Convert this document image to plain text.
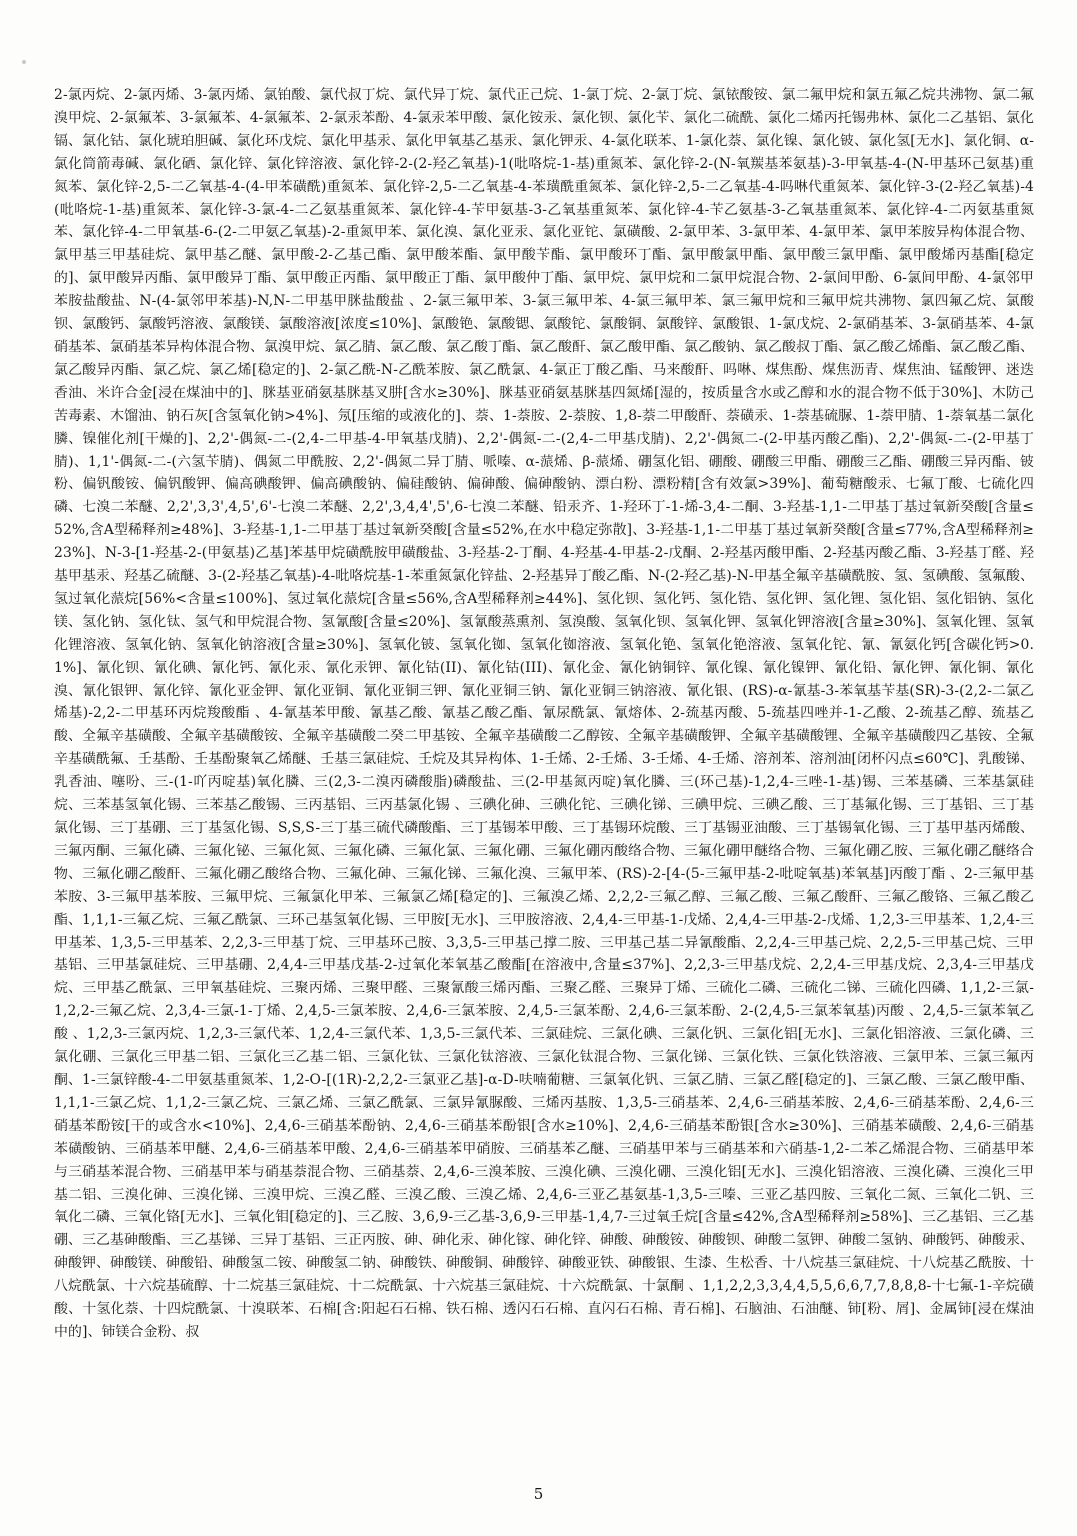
2-氯丙烷、2-氯丙烯、3-氯丙烯、氯铂酸、氯代叔丁烷、氯代异丁烷、氯代正己烷、1-氯丁烷、2-氯丁烷、氯铱酸铵、氯二氟甲烷和氯五氟乙烷共沸物、氯二氟溴甲烷、2-氯氟苯、3-氯氟苯、4-氯氟苯、2-氯汞苯酚、4-氯汞苯甲酸、氯化铵汞、氯化钡、氯化苄、氯化二硫酰、氯化二烯丙托锡弗林、氯化二乙基铝、氯化镉、氯化钴、氯化琥珀胆碱、氯化环戊烷、氯化甲基汞、氯化甲氧基乙基汞、氯化钾汞、4-氯化联苯、1-氯化萘、氯化镍、氯化铍、氯化氢[无水]、氯化铜、α-氯化筒箭毒碱、氯化硒、氯化锌、氯化锌溶液、氯化锌-2-(2-羟乙氧基)-1(吡咯烷-1-基)重氮苯、氯化锌-2-(N-氧羰基苯氨基)-3-甲氧基-4-(N-甲基环己氨基)重氮苯、氯化锌-2,5-二乙氧基-4-(4-甲苯磺酰)重氮苯、氯化锌-2,5-二乙氧基-4-苯璜酰重氮苯、氯化锌-2,5-二乙氧基-4-吗啉代重氮苯、氯化锌-3-(2-羟乙氧基)-4(吡咯烷-1-基)重氮苯、氯化锌-3-氯-4-二乙氨基重氮苯、氯化锌-4-苄甲氨基-3-乙氧基重氮苯、氯化锌-4-苄乙氨基-3-乙氧基重氮苯、氯化锌-4-二丙氨基重氮苯、氯化锌-4-二甲氧基-6-(2-二甲氨乙氧基)-2-重氮甲苯、氯化溴、氯化亚汞、氯化亚铊、氯磺酸、2-氯甲苯、3-氯甲苯、4-氯甲苯、氯甲苯胺异构体混合物、氯甲基三甲基硅烷、氯甲基乙醚、氯甲酸-2-乙基己酯、氯甲酸苯酯、氯甲酸苄酯、氯甲酸环丁酯、氯甲酸氯甲酯、氯甲酸三氯甲酯、氯甲酸烯丙基酯[稳定的]、氯甲酸异丙酯、氯甲酸异丁酯、氯甲酸正丙酯、氯甲酸正丁酯、氯甲酸仲丁酯、氯甲烷、氯甲烷和二氯甲烷混合物、2-氯间甲酚、6-氯间甲酚、4-氯邻甲苯胺盐酸盐、N-(4-氯邻甲苯基)-N,N-二甲基甲脒盐酸盐 、2-氯三氟甲苯、3-氯三氟甲苯、4-氯三氟甲苯、氯三氟甲烷和三氟甲烷共沸物、氯四氟乙烷、氯酸钡、氯酸钙、氯酸钙溶液、氯酸镁、氯酸溶液[浓度≤10%]、氯酸铯、氯酸锶、氯酸铊、氯酸铜、氯酸锌、氯酸银、1-氯戊烷、2-氯硝基苯、3-氯硝基苯、4-氯硝基苯、氯硝基苯异构体混合物、氯溴甲烷、氯乙腈、氯乙酸、氯乙酸丁酯、氯乙酸酐、氯乙酸甲酯、氯乙酸钠、氯乙酸叔丁酯、氯乙酸乙烯酯、氯乙酸乙酯、氯乙酸异丙酯、氯乙烷、氯乙烯[稳定的]、2-氯乙酰-N-乙酰苯胺、氯乙酰氯、4-氯正丁酸乙酯、马来酸酐、吗啉、煤焦酚、煤焦沥青、煤焦油、锰酸钾、迷迭香油、米许合金[浸在煤油中的]、脒基亚硝氨基脒基叉肼[含水≥30%]、脒基亚硝氨基脒基四氮烯[湿的，按质量含水或乙醇和水的混合物不低于30%]、木防己苦毒素、木馏油、钠石灰[含氢氧化钠>4%]、氖[压缩的或液化的]、萘、1-萘胺、2-萘胺、1,8-萘二甲酸酐、萘磺汞、1-萘基硫脲、1-萘甲腈、1-萘氧基二氯化膦、镍催化剂[干燥的]、2,2'-偶氮-二-(2,4-二甲基-4-甲氧基戊腈)、2,2'-偶氮-二-(2,4-二甲基戊腈)、2,2'-偶氮二-(2-甲基丙酸乙酯)、2,2'-偶氮-二-(2-甲基丁腈)、1,1'-偶氮-二-(六氢苄腈)、偶氮二甲酰胺、2,2'-偶氮二异丁腈、哌嗪、α-蒎烯、β-蒎烯、硼氢化铝、硼酸、硼酸三甲酯、硼酸三乙酯、硼酸三异丙酯、铍粉、偏钒酸铵、偏钒酸钾、偏高碘酸钾、偏高碘酸钠、偏硅酸钠、偏砷酸、偏砷酸钠、漂白粉、漂粉精[含有效氯>39%]、葡萄糖酸汞、七氟丁酸、七硫化四磷、七溴二苯醚、2,2',3,3',4,5',6'-七溴二苯醚、2,2',3,4,4',5',6-七溴二苯醚、铅汞齐、1-羟环丁-1-烯-3,4-二酮、3-羟基-1,1-二甲基丁基过氧新癸酸[含量≤52%,含A型稀释剂≥48%]、3-羟基-1,1-二甲基丁基过氧新癸酸[含量≤52%,在水中稳定弥散]、3-羟基-1,1-二甲基丁基过氧新癸酸[含量≤77%,含A型稀释剂≥23%]、N-3-[1-羟基-2-(甲氨基)乙基]苯基甲烷磺酰胺甲磺酸盐、3-羟基-2-丁酮、4-羟基-4-甲基-2-戊酮、2-羟基丙酸甲酯、2-羟基丙酸乙酯、3-羟基丁醛、羟基甲基汞、羟基乙硫醚、3-(2-羟基乙氧基)-4-吡咯烷基-1-苯重氮氯化锌盐、2-羟基异丁酸乙酯、N-(2-羟乙基)-N-甲基全氟辛基磺酰胺、氢、氢碘酸、氢氟酸、氢过氧化蒎烷[56%<含量≤100%]、氢过氧化蒎烷[含量≤56%,含A型稀释剂≥44%]、氢化钡、氢化钙、氢化锆、氢化钾、氢化锂、氢化铝、氢化铝钠、氢化镁、氢化钠、氢化钛、氢气和甲烷混合物、氢氰酸[含量≤20%]、氢氰酸蒸熏剂、氢溴酸、氢氧化钡、氢氧化钾、氢氧化钾溶液[含量≥30%]、氢氧化锂、氢氧化锂溶液、氢氧化钠、氢氧化钠溶液[含量≥30%]、氢氧化铍、氢氧化铷、氢氧化铷溶液、氢氧化铯、氢氧化铯溶液、氢氧化铊、氰、氰氨化钙[含碳化钙>0.1%]、氰化钡、氰化碘、氰化钙、氰化汞、氰化汞钾、氰化钴(II)、氰化钴(III)、氰化金、氰化钠铜锌、氰化镍、氰化镍钾、氰化铅、氰化钾、氰化铜、氰化溴、氰化银钾、氰化锌、氰化亚金钾、氰化亚铜、氰化亚铜三钾、氰化亚铜三钠、氰化亚铜三钠溶液、氰化银、(RS)-α-氰基-3-苯氧基苄基(SR)-3-(2,2-二氯乙烯基)-2,2-二甲基环丙烷羧酸酯 、4-氰基苯甲酸、氰基乙酸、氰基乙酸乙酯、氰尿酰氯、氰熔体、2-巯基丙酸、5-巯基四唑并-1-乙酸、2-巯基乙醇、巯基乙酸、全氟辛基磺酸、全氟辛基磺酸铵、全氟辛基磺酸二癸二甲基铵、全氟辛基磺酸二乙醇铵、全氟辛基磺酸钾、全氟辛基磺酸锂、全氟辛基磺酸四乙基铵、全氟辛基磺酰氟、壬基酚、壬基酚聚氧乙烯醚、壬基三氯硅烷、壬烷及其异构体、1-壬烯、2-壬烯、3-壬烯、4-壬烯、溶剂苯、溶剂油[闭杯闪点≤60℃]、乳酸锑、乳香油、噻吩、三-(1-吖丙啶基)氧化膦、三(2,3-二溴丙磷酸脂)磷酸盐、三(2-甲基氮丙啶)氧化膦、三(环己基)-1,2,4-三唑-1-基)锡、三苯基磷、三苯基氯硅烷、三苯基氢氧化锡、三苯基乙酸锡、三丙基铝、三丙基氯化锡 、三碘化砷、三碘化铊、三碘化锑、三碘甲烷、三碘乙酸、三丁基氟化锡、三丁基铝、三丁基氯化锡、三丁基硼、三丁基氢化锡、S,S,S-三丁基三硫代磷酸酯、三丁基锡苯甲酸、三丁基锡环烷酸、三丁基锡亚油酸、三丁基锡氧化锡、三丁基甲基丙烯酸、三氟丙酮、三氟化磷、三氟化铋、三氟化氮、三氟化磷、三氟化氯、三氟化硼、三氟化硼丙酸络合物、三氟化硼甲醚络合物、三氟化硼乙胺、三氟化硼乙醚络合物、三氟化硼乙酸酐、三氟化硼乙酸络合物、三氟化砷、三氟化锑、三氟化溴、三氟甲苯、(RS)-2-[4-(5-三氟甲基-2-吡啶氧基)苯氧基]丙酸丁酯 、2-三氟甲基苯胺、3-三氟甲基苯胺、三氟甲烷、三氟氯化甲苯、三氟氯乙烯[稳定的]、三氟溴乙烯、2,2,2-三氟乙醇、三氟乙酸、三氟乙酸酐、三氟乙酸铬、三氟乙酸乙酯、1,1,1-三氟乙烷、三氟乙酰氯、三环己基氢氧化锡、三甲胺[无水]、三甲胺溶液、2,4,4-三甲基-1-戊烯、2,4,4-三甲基-2-戊烯、1,2,3-三甲基苯、1,2,4-三甲基苯、1,3,5-三甲基苯、2,2,3-三甲基丁烷、三甲基环己胺、3,3,5-三甲基己撑二胺、三甲基己基二异氰酸酯、2,2,4-三甲基己烷、2,2,5-三甲基己烷、三甲基铝、三甲基氯硅烷、三甲基硼、2,4,4-三甲基戊基-2-过氧化苯氧基乙酸酯[在溶液中,含量≤37%]、2,2,3-三甲基戊烷、2,2,4-三甲基戊烷、2,3,4-三甲基戊烷、三甲基乙酰氯、三甲氧基硅烷、三聚丙烯、三聚甲醛、三聚氰酸三烯丙酯、三聚乙醛、三聚异丁烯、三硫化二磷、三硫化二锑、三硫化四磷、1,1,2-三氯-1,2,2-三氟乙烷、2,3,4-三氯-1-丁烯、2,4,5-三氯苯胺、2,4,6-三氯苯胺、2,4,5-三氯苯酚、2,4,6-三氯苯酚、2-(2,4,5-三氯苯氧基)丙酸 、2,4,5-三氯苯氧乙酸 、1,2,3-三氯丙烷、1,2,3-三氯代苯、1,2,4-三氯代苯、1,3,5-三氯代苯、三氯硅烷、三氯化碘、三氯化钒、三氯化铝[无水]、三氯化铝溶液、三氯化磷、三氯化硼、三氯化三甲基二铝、三氯化三乙基二铝、三氯化钛、三氯化钛溶液、三氯化钛混合物、三氯化锑、三氯化铁、三氯化铁溶液、三氯甲苯、三氯三氟丙酮、1-三氯锌酸-4-二甲氨基重氮苯、1,2-O-[(1R)-2,2,2-三氯亚乙基]-α-D-呋喃葡糖、三氯氧化钒、三氯乙腈、三氯乙醛[稳定的]、三氯乙酸、三氯乙酸甲酯、1,1,1-三氯乙烷、1,1,2-三氯乙烷、三氯乙烯、三氯乙酰氯、三氯异氰脲酸、三烯丙基胺、1,3,5-三硝基苯、2,4,6-三硝基苯胺、2,4,6-三硝基苯酚、2,4,6-三硝基苯酚铵[干的或含水<10%]、2,4,6-三硝基苯酚钠、2,4,6-三硝基苯酚银[含水≥10%]、2,4,6-三硝基苯酚银[含水≥30%]、三硝基苯磺酸、2,4,6-三硝基苯磺酸钠、三硝基苯甲醚、2,4,6-三硝基苯甲酸、2,4,6-三硝基苯甲硝胺、三硝基苯乙醚、三硝基甲苯与三硝基苯和六硝基-1,2-二苯乙烯混合物、三硝基甲苯与三硝基苯混合物、三硝基甲苯与硝基萘混合物、三硝基萘、2,4,6-三溴苯胺、三溴化碘、三溴化硼、三溴化铝[无水]、三溴化铝溶液、三溴化磷、三溴化三甲基二铝、三溴化砷、三溴化锑、三溴甲烷、三溴乙醛、三溴乙酸、三溴乙烯、2,4,6-三亚乙基氨基-1,3,5-三嗪、三亚乙基四胺、三氧化二氮、三氧化二钒、三氧化二磷、三氧化铬[无水]、三氧化钼[稳定的]、三乙胺、3,6,9-三乙基-3,6,9-三甲基-1,4,7-三过氧壬烷[含量≤42%,含A型稀释剂≥58%]、三乙基铝、三乙基硼、三乙基砷酸酯、三乙基锑、三异丁基铝、三正丙胺、砷、砷化汞、砷化镓、砷化锌、砷酸、砷酸铵、砷酸钡、砷酸二氢钾、砷酸二氢钠、砷酸钙、砷酸汞、砷酸钾、砷酸镁、砷酸铅、砷酸氢二铵、砷酸氢二钠、砷酸铁、砷酸铜、砷酸锌、砷酸亚铁、砷酸银、生漆、生松香、十八烷基三氯硅烷、十八烷基乙酰胺、十八烷酰氯、十六烷基硫醇、十二烷基三氯硅烷、十二烷酰氯、十六烷基三氯硅烷、十六烷酰氯、十氯酮 、1,1,2,2,3,3,4,4,5,5,6,6,7,7,8,8,8-十七氟-1-辛烷磺酸、十氢化萘、十四烷酰氯、十溴联苯、石棉[含:阳起石石棉、铁石棉、透闪石石棉、直闪石石棉、青石棉]、石脑油、石油醚、铈[粉、屑]、金属铈[浸在煤油中的]、铈镁合金粉、叔
5
